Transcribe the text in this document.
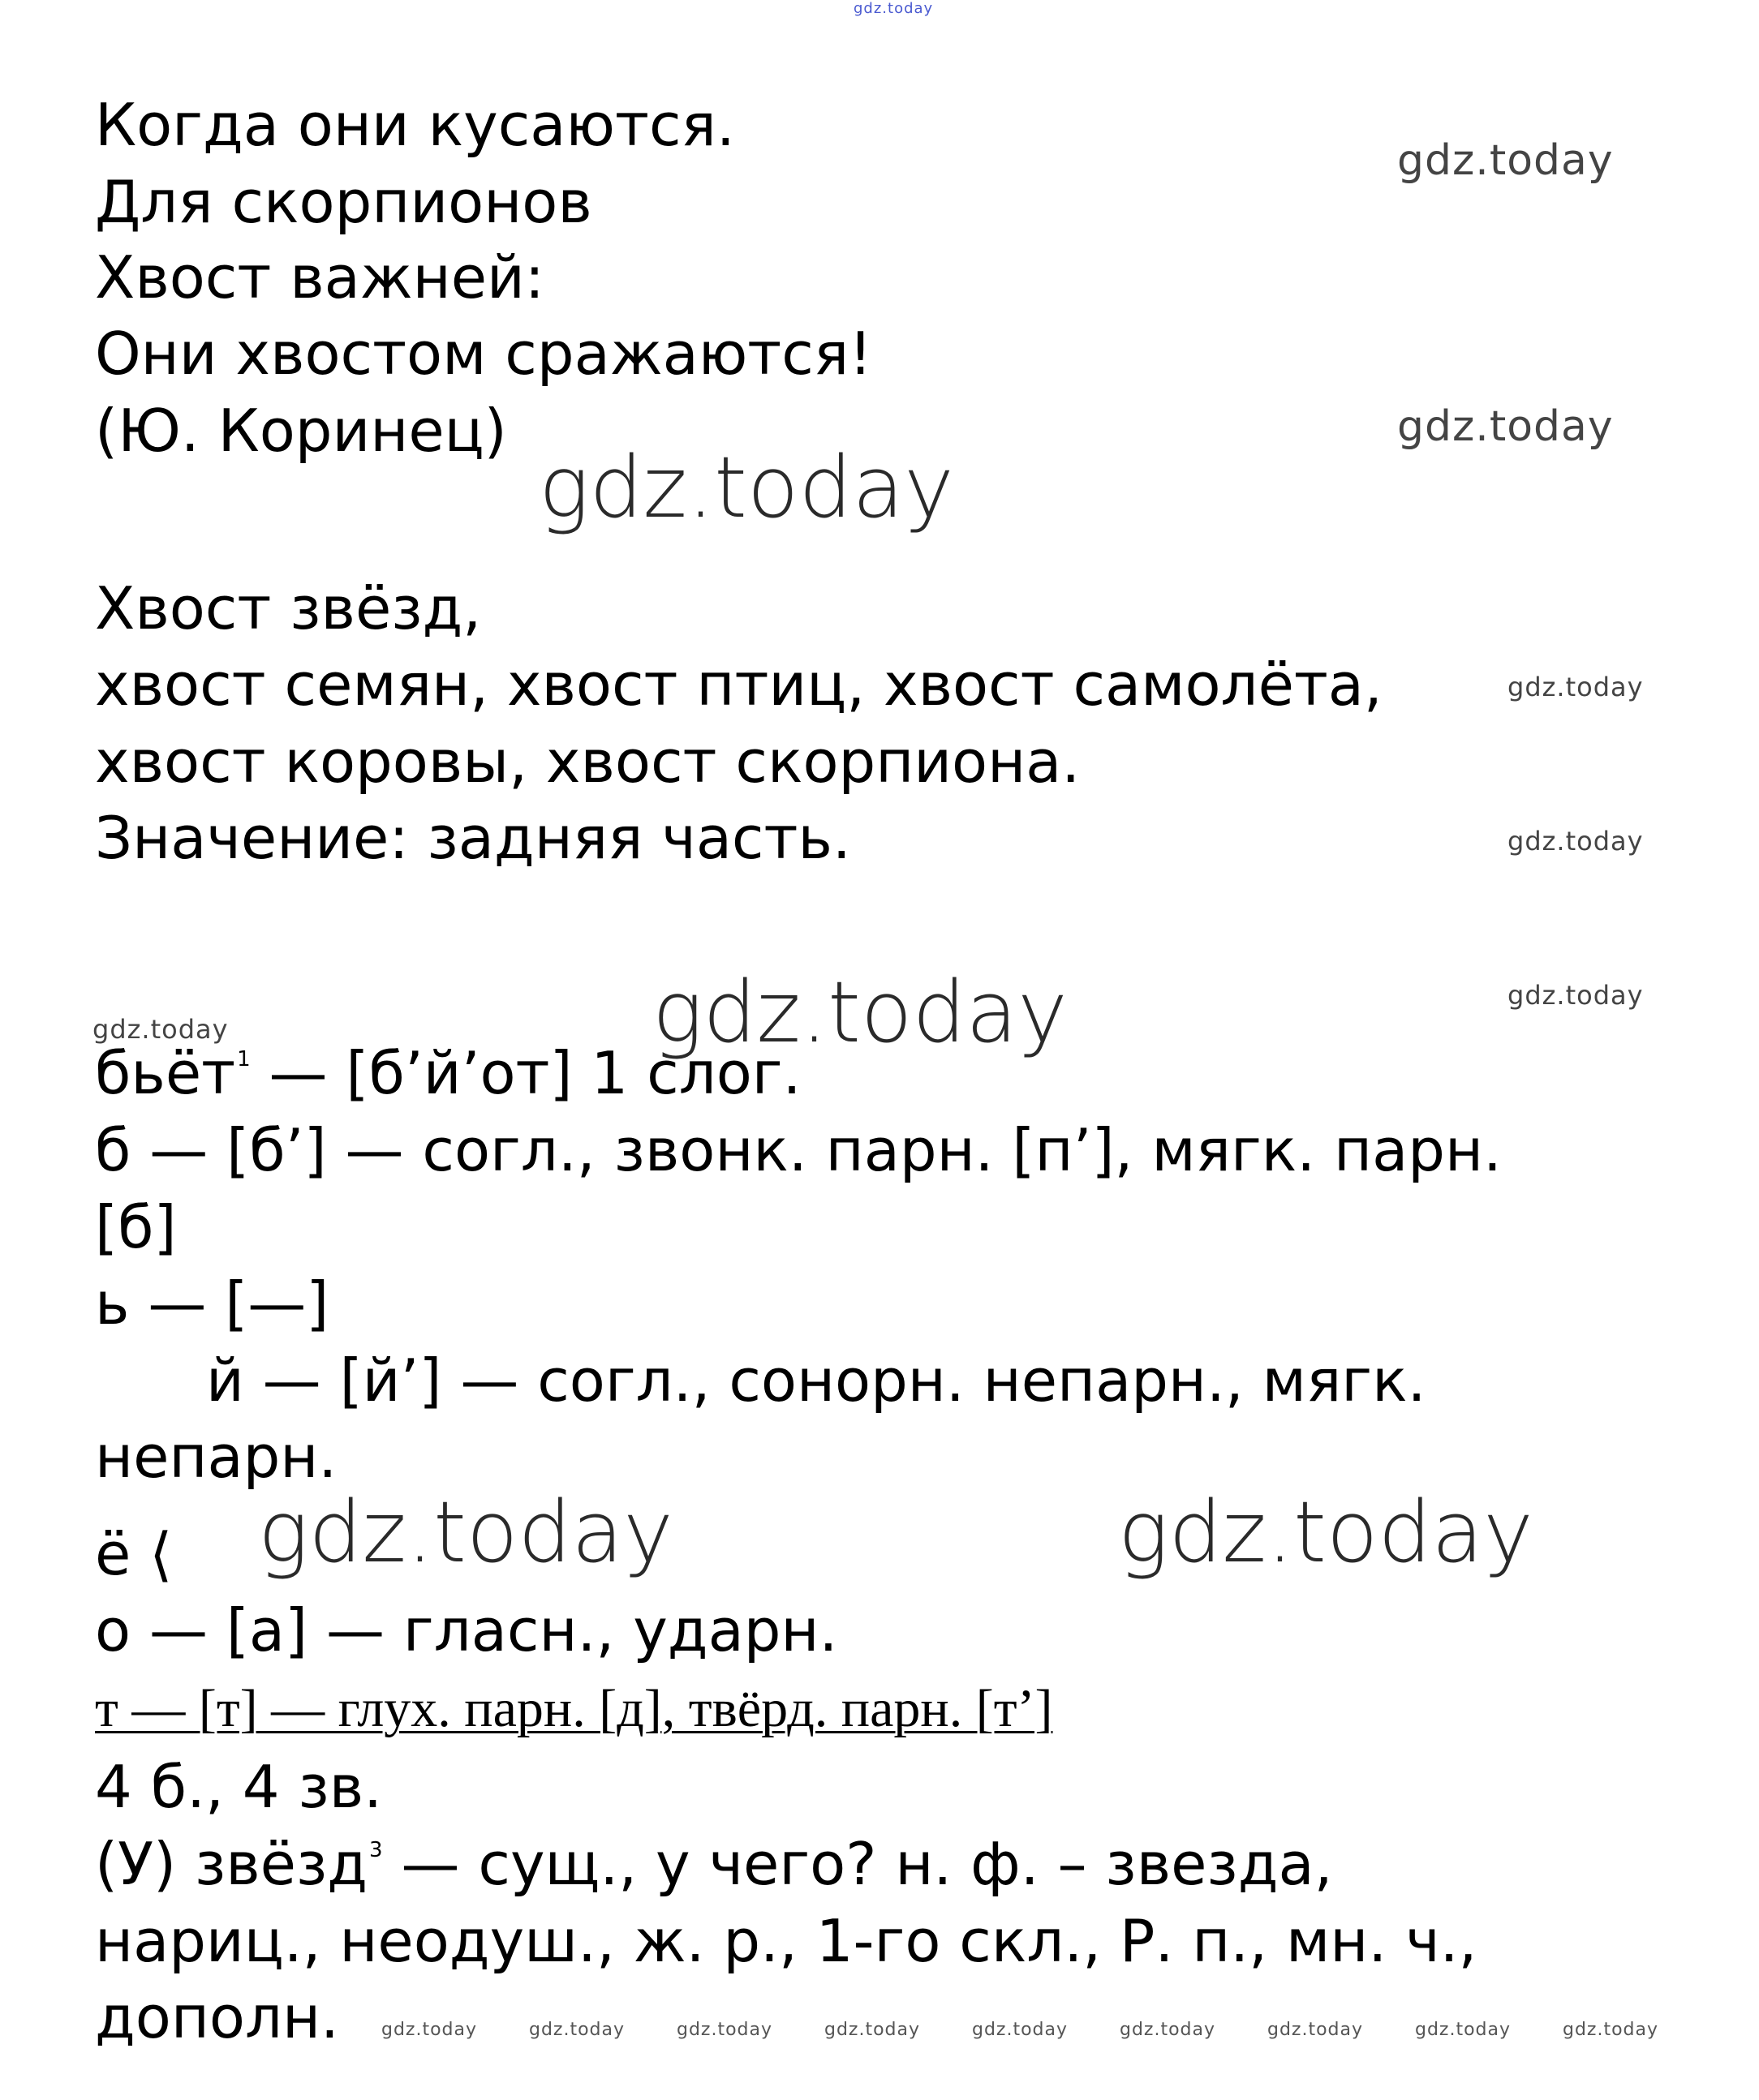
gdz.today

Когда они кусаются.

Для скорпионов

Хвост важней:

Они хвостом сражаются!

(Ю. Коринец)

gdz.today
gdz.today
gdz.today

Хвост звёзд,

хвост семян, хвост птиц, хвост самолёта,

хвост коровы, хвост скорпиона.

Значение: задняя часть.

gdz.today
gdz.today
gdz.today
gdz.today	gdz.today

бьёт$^1$ — [б’й’от] 1 слог.

б — [б’] — согл., звонк. парн. [п’], мягк. парн.

[б]

ь — [—]

й — [й’] — согл., сонорн. непарн., мягк.

непарн.

ё ⟨ gdz.today	gdz.today

о — [а] — гласн., ударн.

т — [т] — глух. парн. [д], твёрд. парн. [т’]

4 б., 4 зв.

(У) звёзд$^3$ — сущ., у чего? н. ф. – звезда,

нариц., неодуш., ж. р., 1-го скл., Р. п., мн. ч.,

дополн. gdz.today	gdz.today	gdz.today	gdz.today	gdz.today	gdz.today	gdz.today	gdz.today	gdz.today
